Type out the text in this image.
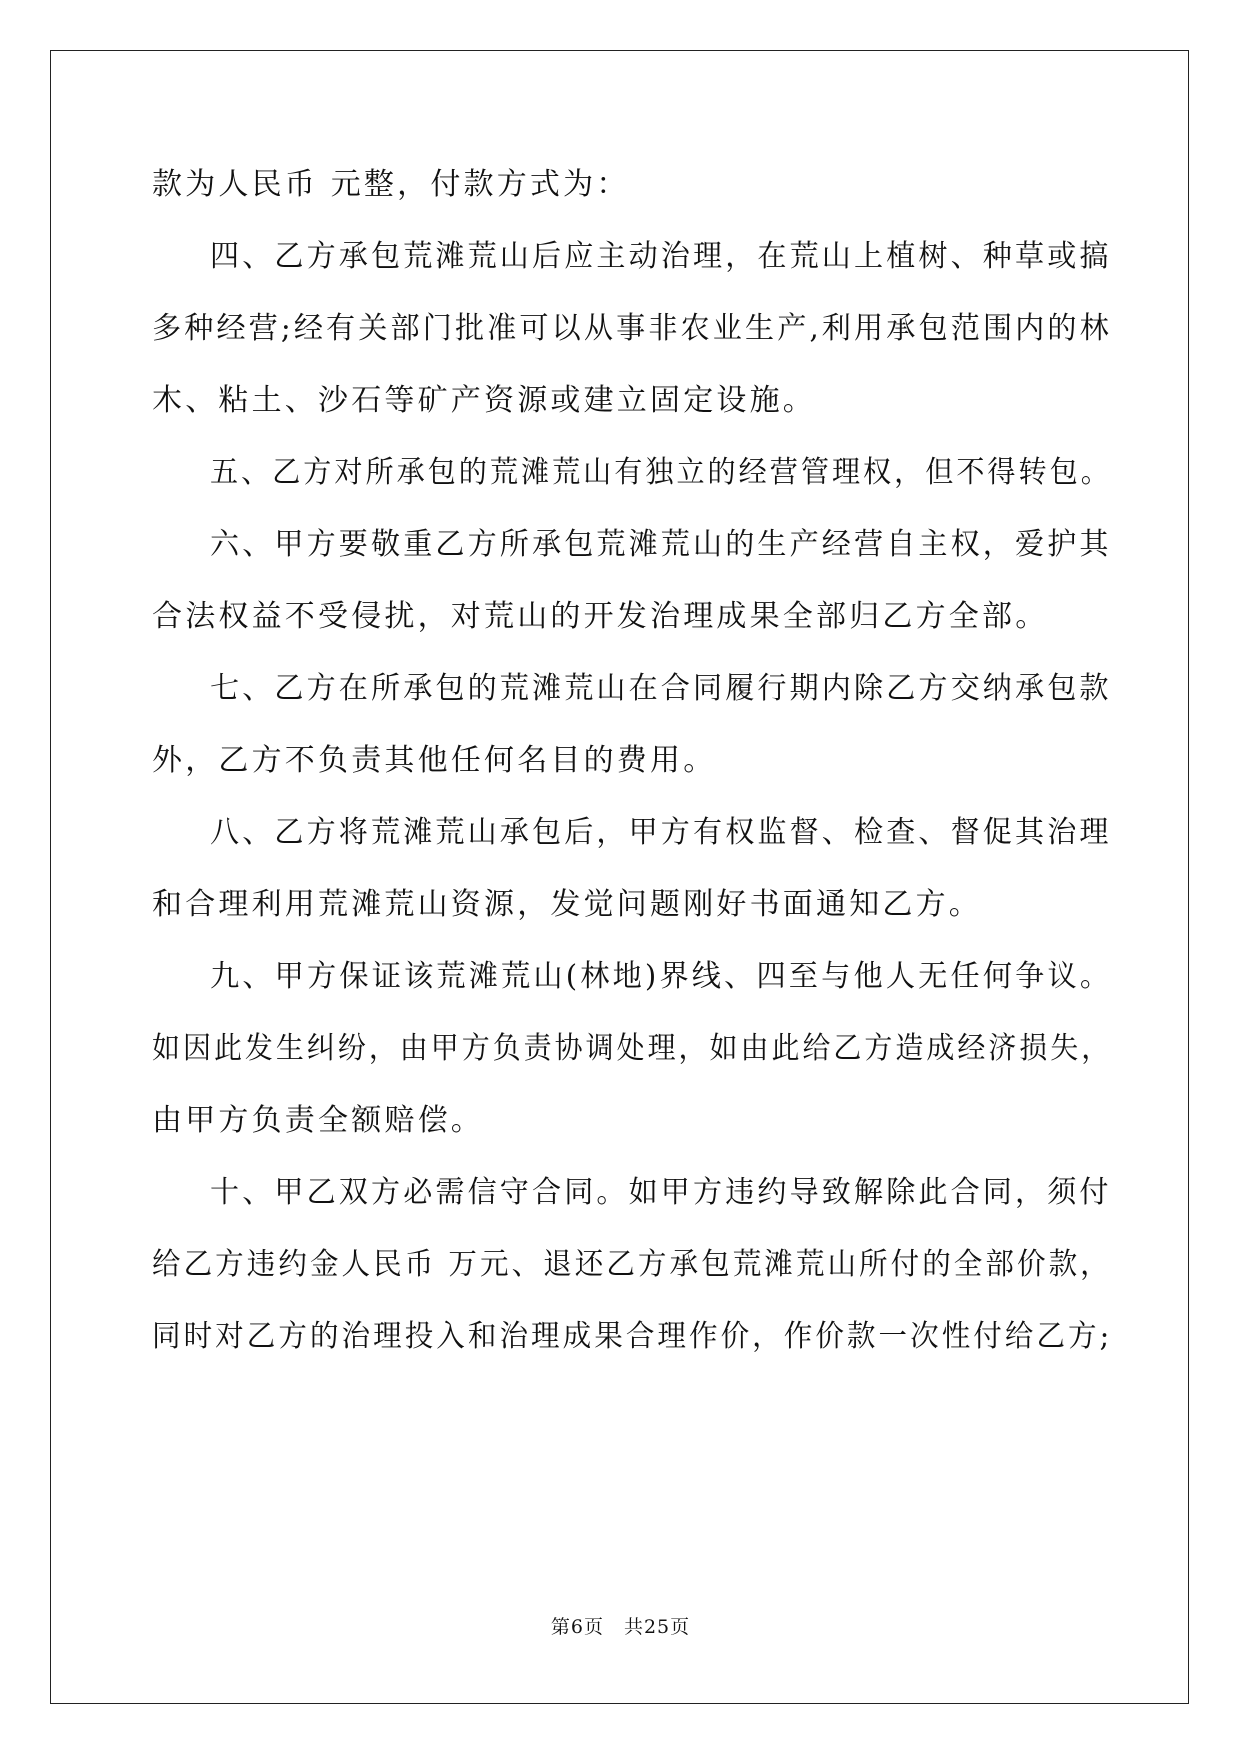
款为人民币 元整，付款方式为：
四、乙方承包荒滩荒山后应主动治理，在荒山上植树、种草或搞
多种经营;经有关部门批准可以从事非农业生产,利用承包范围内的林
木、粘土、沙石等矿产资源或建立固定设施。
五、乙方对所承包的荒滩荒山有独立的经营管理权，但不得转包。
六、甲方要敬重乙方所承包荒滩荒山的生产经营自主权，爱护其
合法权益不受侵扰，对荒山的开发治理成果全部归乙方全部。
七、乙方在所承包的荒滩荒山在合同履行期内除乙方交纳承包款
外，乙方不负责其他任何名目的费用。
八、乙方将荒滩荒山承包后，甲方有权监督、检查、督促其治理
和合理利用荒滩荒山资源，发觉问题刚好书面通知乙方。
九、甲方保证该荒滩荒山(林地)界线、四至与他人无任何争议。
如因此发生纠纷，由甲方负责协调处理，如由此给乙方造成经济损失，
由甲方负责全额赔偿。
十、甲乙双方必需信守合同。如甲方违约导致解除此合同，须付
给乙方违约金人民币 万元、退还乙方承包荒滩荒山所付的全部价款，
同时对乙方的治理投入和治理成果合理作价，作价款一次性付给乙方;
第6页 共25页
